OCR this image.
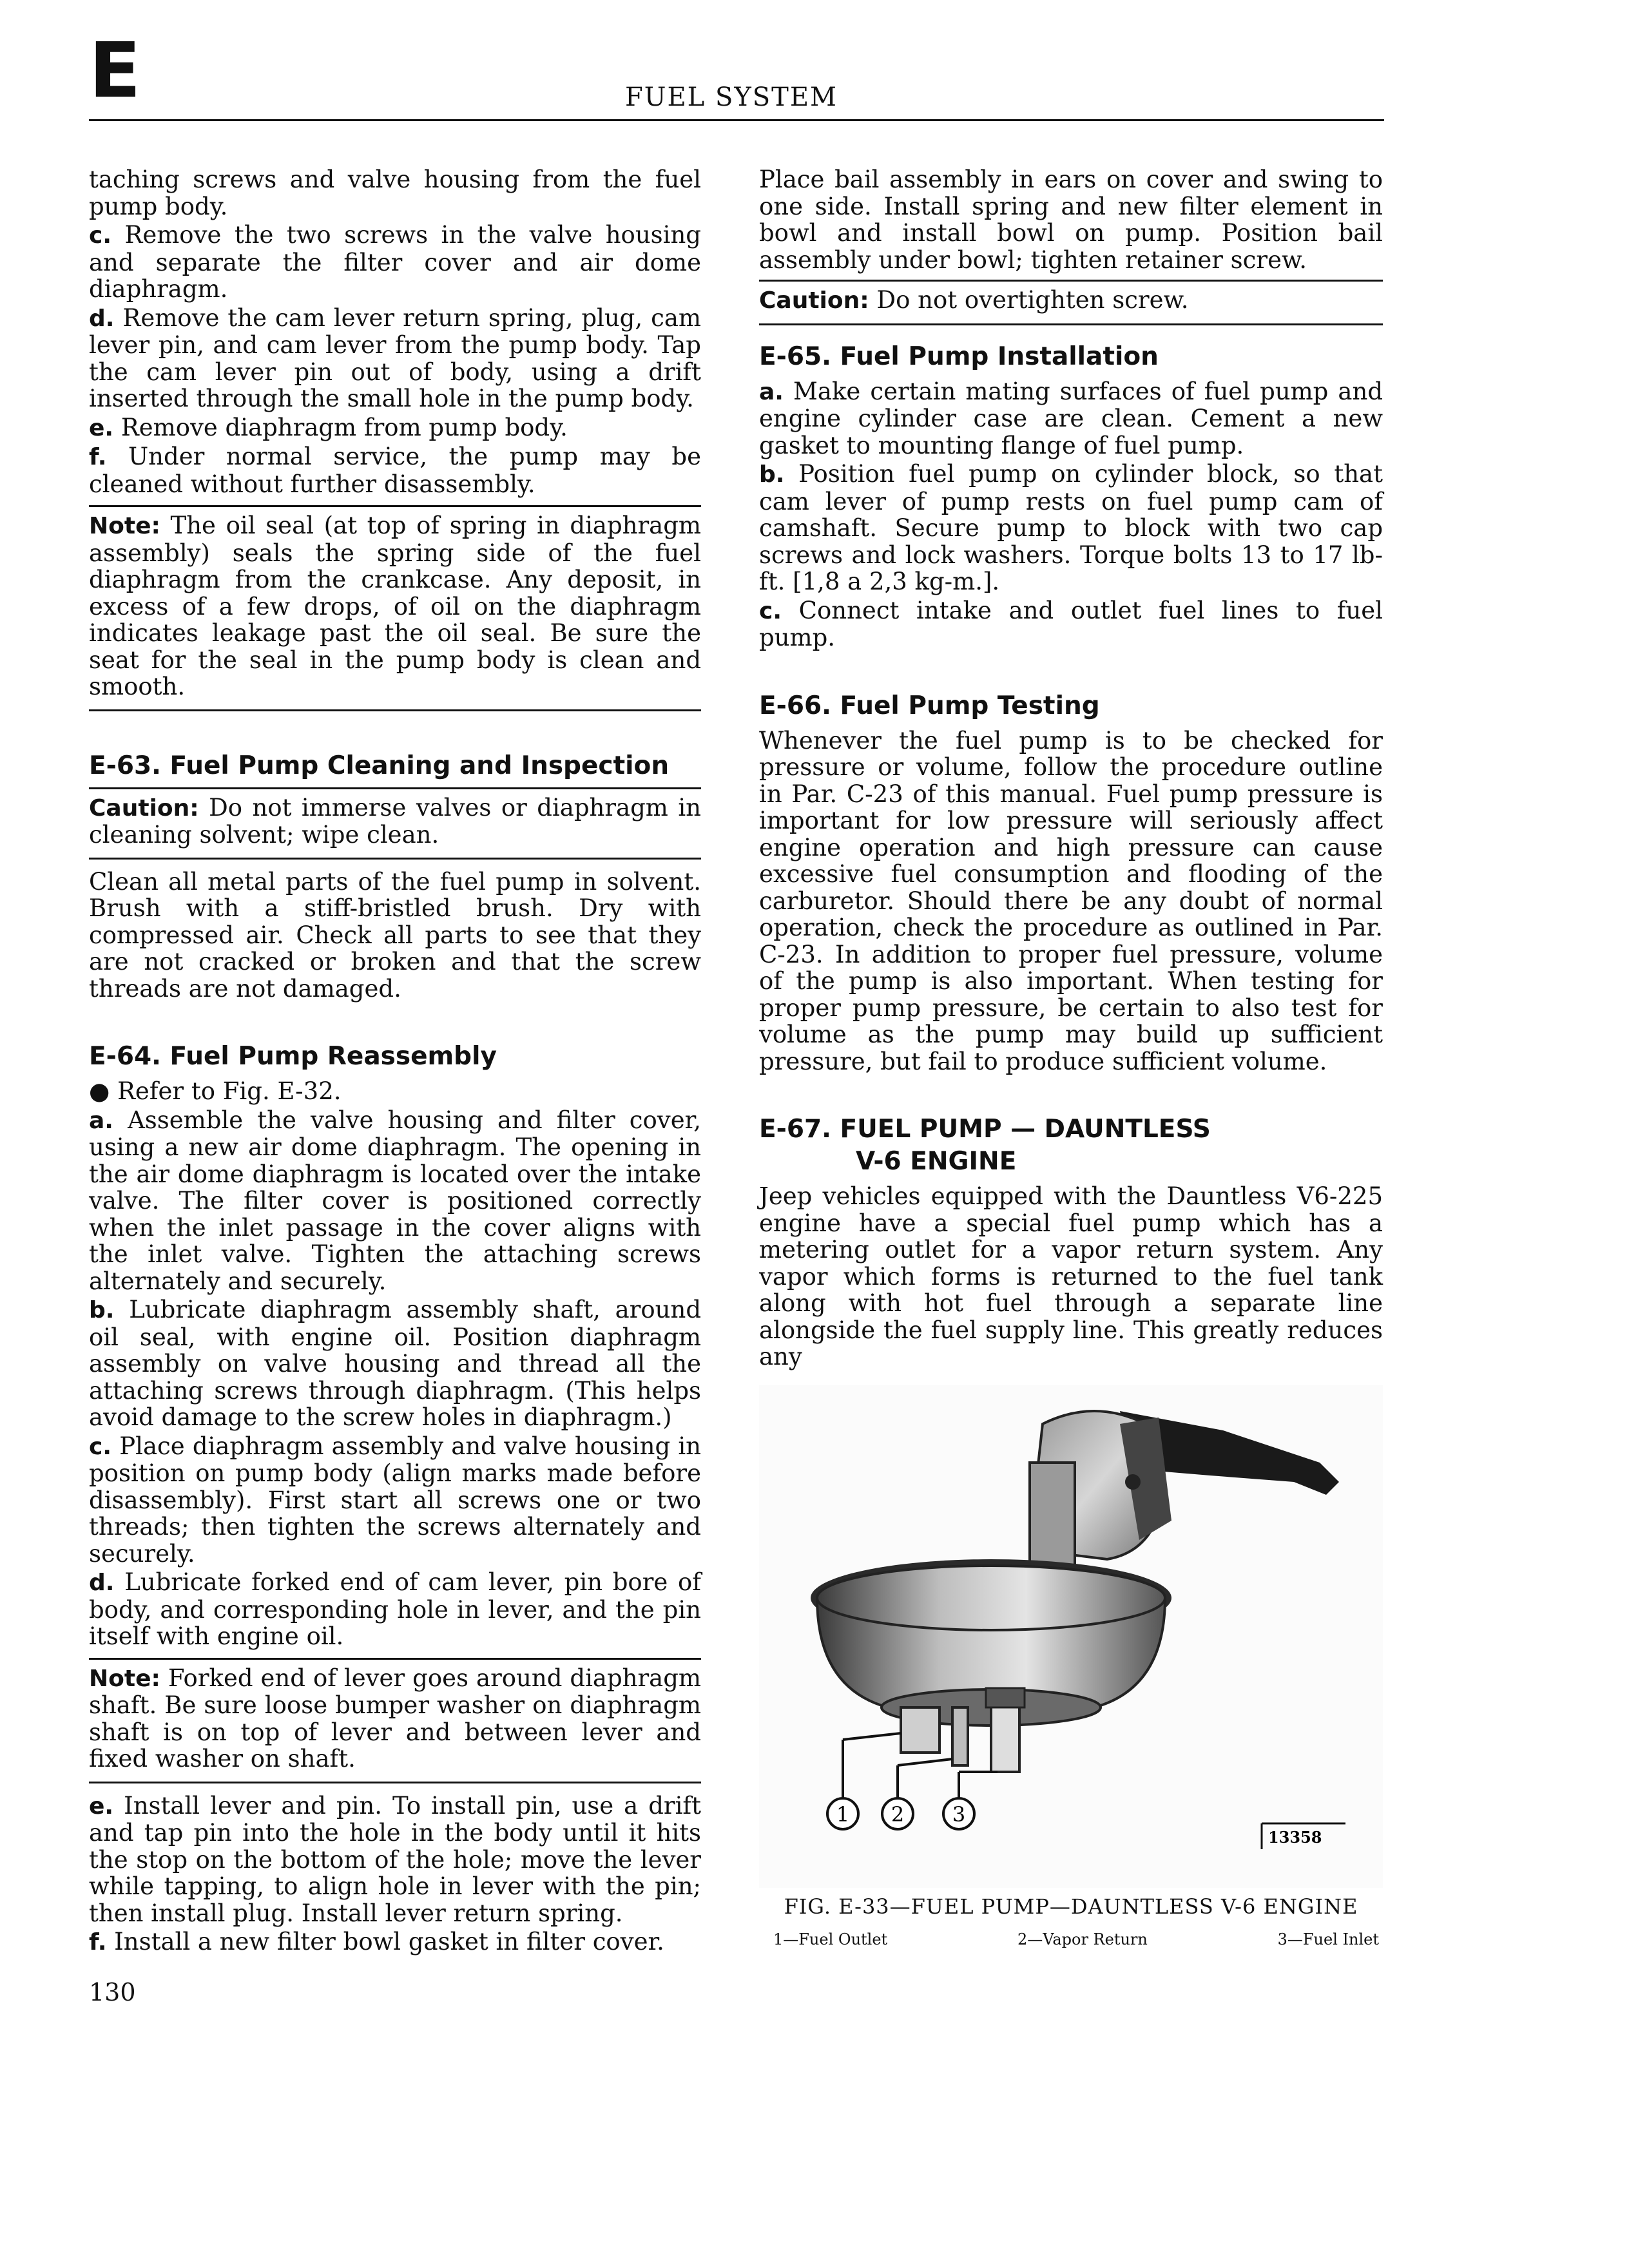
E	FUEL SYSTEM

taching screws and valve housing from the fuel pump body.

c. Remove the two screws in the valve housing and separate the filter cover and air dome diaphragm.

d. Remove the cam lever return spring, plug, cam lever pin, and cam lever from the pump body. Tap the cam lever pin out of body, using a drift inserted through the small hole in the pump body.

e. Remove diaphragm from pump body.

f. Under normal service, the pump may be cleaned without further disassembly.

Note: The oil seal (at top of spring in diaphragm assembly) seals the spring side of the fuel diaphragm from the crankcase. Any deposit, in excess of a few drops, of oil on the diaphragm indicates leakage past the oil seal. Be sure the seat for the seal in the pump body is clean and smooth.
E-63. Fuel Pump Cleaning and Inspection
Caution: Do not immerse valves or diaphragm in cleaning solvent; wipe clean.

Clean all metal parts of the fuel pump in solvent. Brush with a stiff-bristled brush. Dry with compressed air. Check all parts to see that they are not cracked or broken and that the screw threads are not damaged.

E-64. Fuel Pump Reassembly

● Refer to Fig. E-32.

a. Assemble the valve housing and filter cover, using a new air dome diaphragm. The opening in the air dome diaphragm is located over the intake valve. The filter cover is positioned correctly when the inlet passage in the cover aligns with the inlet valve. Tighten the attaching screws alternately and securely.

b. Lubricate diaphragm assembly shaft, around oil seal, with engine oil. Position diaphragm assembly on valve housing and thread all the attaching screws through diaphragm. (This helps avoid damage to the screw holes in diaphragm.)

c. Place diaphragm assembly and valve housing in position on pump body (align marks made before disassembly). First start all screws one or two threads; then tighten the screws alternately and securely.

d. Lubricate forked end of cam lever, pin bore of body, and corresponding hole in lever, and the pin itself with engine oil.

Note: Forked end of lever goes around diaphragm shaft. Be sure loose bumper washer on diaphragm shaft is on top of lever and between lever and fixed washer on shaft.

e. Install lever and pin. To install pin, use a drift and tap pin into the hole in the body until it hits the stop on the bottom of the hole; move the lever while tapping, to align hole in lever with the pin; then install plug. Install lever return spring.

f. Install a new filter bowl gasket in filter cover.

Place bail assembly in ears on cover and swing to one side. Install spring and new filter element in bowl and install bowl on pump. Position bail assembly under bowl; tighten retainer screw.

Caution: Do not overtighten screw.
E-65. Fuel Pump Installation

a. Make certain mating surfaces of fuel pump and engine cylinder case are clean. Cement a new gasket to mounting flange of fuel pump.

b. Position fuel pump on cylinder block, so that cam lever of pump rests on fuel pump cam of camshaft. Secure pump to block with two cap screws and lock washers. Torque bolts 13 to 17 lb-ft. [1,8 a 2,3 kg-m.].

c. Connect intake and outlet fuel lines to fuel pump.

E-66. Fuel Pump Testing

Whenever the fuel pump is to be checked for pressure or volume, follow the procedure outline in Par. C-23 of this manual. Fuel pump pressure is important for low pressure will seriously affect engine operation and high pressure can cause excessive fuel consumption and flooding of the carburetor. Should there be any doubt of normal operation, check the procedure as outlined in Par. C-23. In addition to proper fuel pressure, volume of the pump is also important. When testing for proper pump pressure, be certain to also test for volume as the pump may build up sufficient pressure, but fail to produce sufficient volume.

E-67. FUEL PUMP — DAUNTLESS
V-6 ENGINE

Jeep vehicles equipped with the Dauntless V6-225 engine have a special fuel pump which has a metering outlet for a vapor return system. Any vapor which forms is returned to the fuel tank along with hot fuel through a separate line alongside the fuel supply line. This greatly reduces any

1 2 3
13358
FIG. E-33—FUEL PUMP—DAUNTLESS V-6 ENGINE
1—Fuel Outlet	2—Vapor Return	3—Fuel Inlet
130
